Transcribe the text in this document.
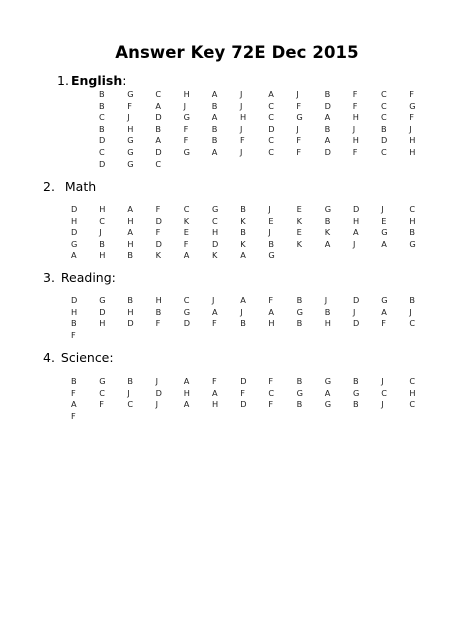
Answer Key 72E Dec 2015
1. English:
B	G	C	H	A	J	A	J	B	F	C	F
B	F	A	J	B	J	C	F	D	F	C	G
C	J	D	G	A	H	C	G	A	H	C	F
B	H	B	F	B	J	D	J	B	J	B	J
D	G	A	F	B	F	C	F	A	H	D	H
C	G	D	G	A	J	C	F	D	F	C	H
D	G	C
2. Math
D	H	A	F	C	G	B	J	E	G	D	J	C
H	C	H	D	K	C	K	E	K	B	H	E	H
D	J	A	F	E	H	B	J	E	K	A	G	B
G	B	H	D	F	D	K	B	K	A	J	A	G
A	H	B	K	A	K	A	G
3. Reading:
D	G	B	H	C	J	A	F	B	J	D	G	B
H	D	H	B	G	A	J	A	G	B	J	A	J
B	H	D	F	D	F	B	H	B	H	D	F	C
F
4. Science:
B	G	B	J	A	F	D	F	B	G	B	J	C
F	C	J	D	H	A	F	C	G	A	G	C	H
A	F	C	J	A	H	D	F	B	G	B	J	C
F
